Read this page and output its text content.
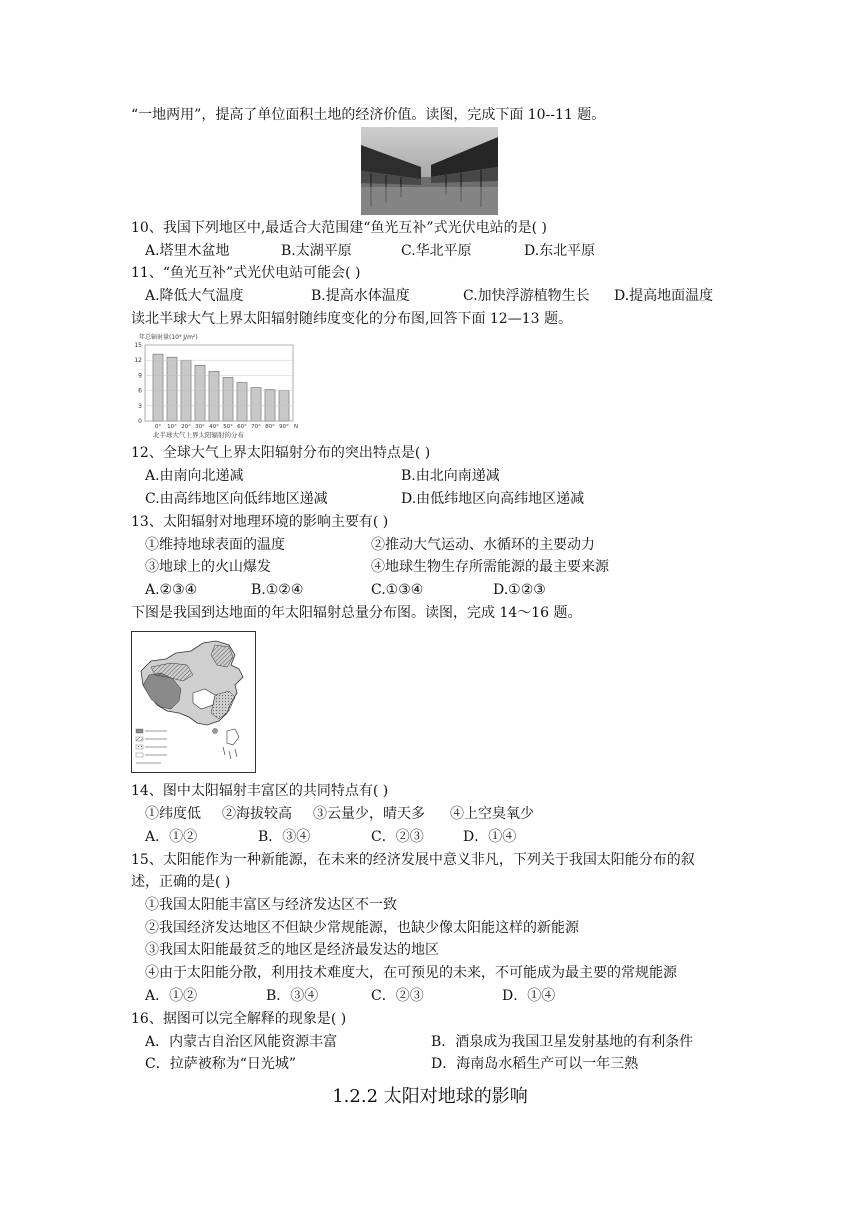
“一地两用”，提高了单位面积土地的经济价值。读图，完成下面 10--11 题。
10、我国下列地区中,最适合大范围建“鱼光互补”式光伏电站的是( )
A.塔里木盆地	B.太湖平原	C.华北平原	D.东北平原
11、“鱼光互补”式光伏电站可能会( )
A.降低大气温度	B.提高水体温度	C.加快浮游植物生长 D.提高地面温度
读北半球大气上界太阳辐射随纬度变化的分布图,回答下面 12—13 题。
年总辐射量(10⁹ J/m²)
0
3
6
9
12
15
0° 10° 20° 30° 40° 50° 60° 70° 80° 90° N
北半球大气上界太阳辐射的分布
12、全球大气上界太阳辐射分布的突出特点是( )
A.由南向北递减	B.由北向南递减
C.由高纬地区向低纬地区递减	D.由低纬地区向高纬地区递减
13、太阳辐射对地理环境的影响主要有( )
①维持地球表面的温度	②推动大气运动、水循环的主要动力
③地球上的火山爆发	④地球生物生存所需能源的最主要来源
A.②③④	B.①②④	C.①③④	D.①②③
下图是我国到达地面的年太阳辐射总量分布图。读图，完成 14～16 题。
14、图中太阳辐射丰富区的共同特点有( )
①纬度低 ②海拔较高 ③云量少，晴天多 ④上空臭氧少
A．①②	B．③④	C．②③	D．①④
15、太阳能作为一种新能源，在未来的经济发展中意义非凡，下列关于我国太阳能分布的叙
述，正确的是( )
①我国太阳能丰富区与经济发达区不一致
②我国经济发达地区不但缺少常规能源，也缺少像太阳能这样的新能源
③我国太阳能最贫乏的地区是经济最发达的地区
④由于太阳能分散，利用技术难度大，在可预见的未来，不可能成为最主要的常规能源
A．①②	B．③④	C．②③	D．①④
16、据图可以完全解释的现象是( )
A．内蒙古自治区风能资源丰富	B．酒泉成为我国卫星发射基地的有利条件
C．拉萨被称为“日光城”	D．海南岛水稻生产可以一年三熟
1.2.2 太阳对地球的影响
